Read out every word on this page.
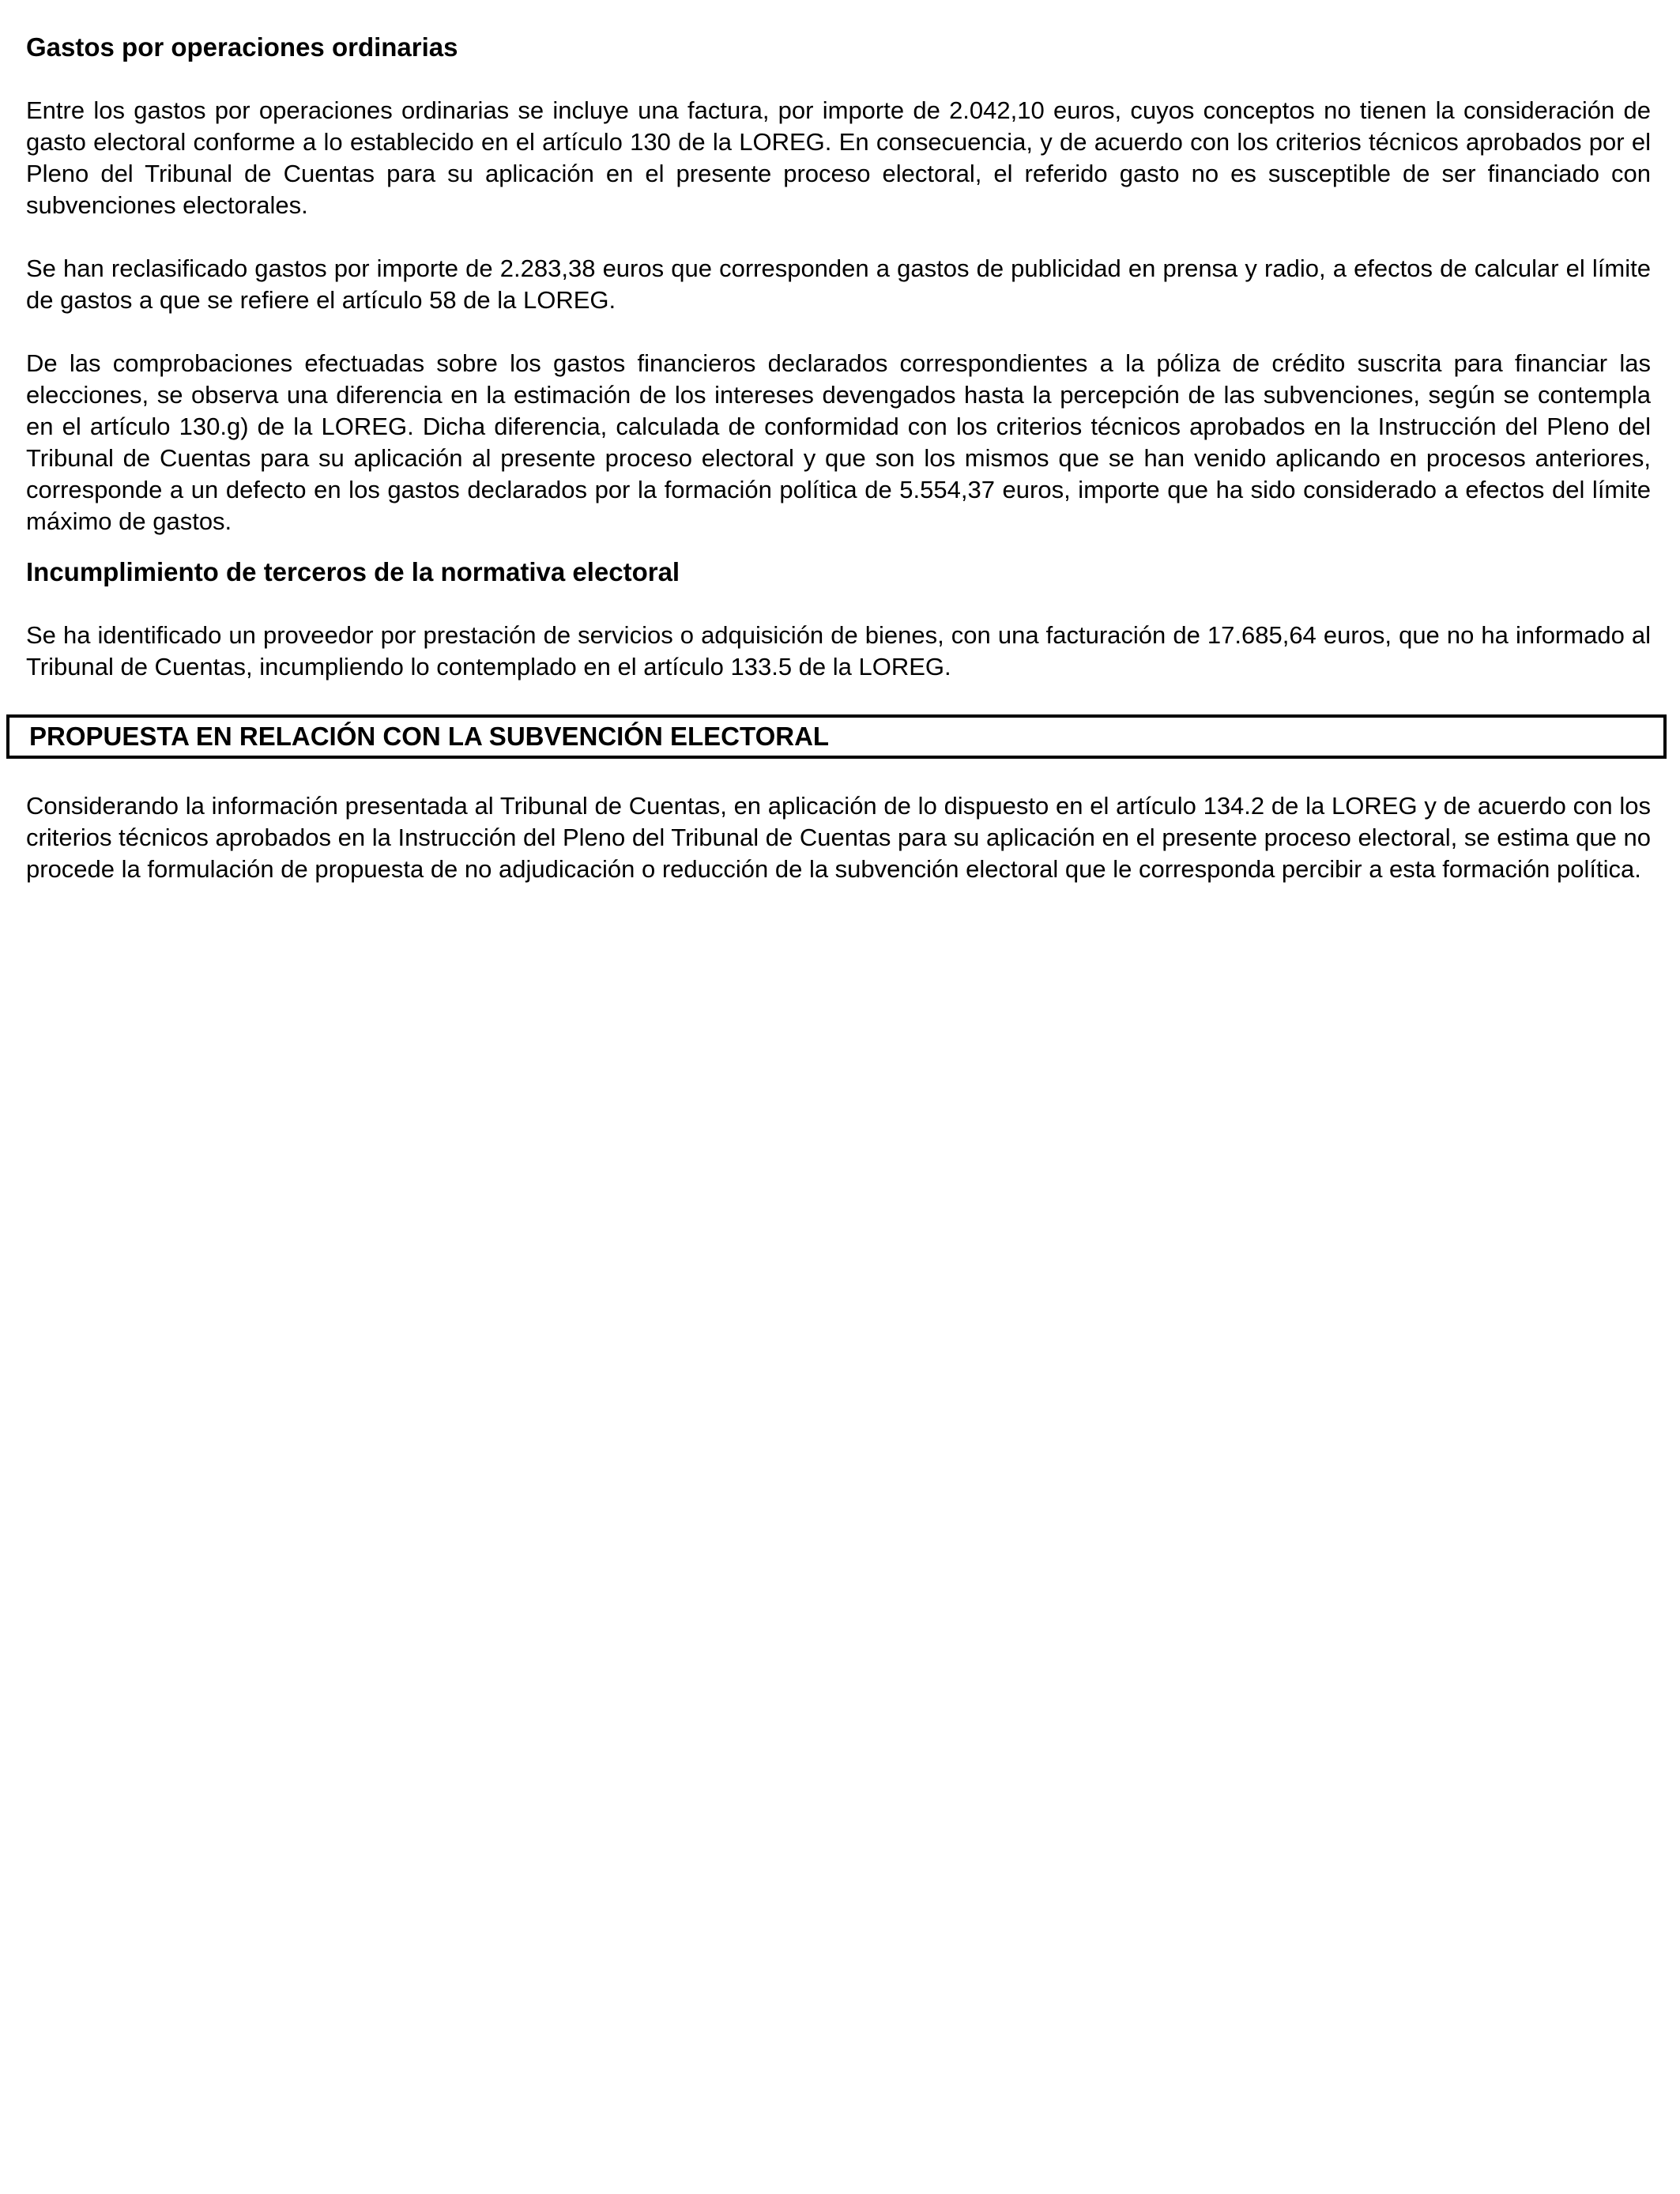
Gastos por operaciones ordinarias

Entre los gastos por operaciones ordinarias se incluye una factura, por importe de 2.042,10 euros, cuyos conceptos no tienen la consideración de gasto electoral conforme a lo establecido en el artículo 130 de la LOREG. En consecuencia, y de acuerdo con los criterios técnicos aprobados por el Pleno del Tribunal de Cuentas para su aplicación en el presente proceso electoral, el referido gasto no es susceptible de ser financiado con subvenciones electorales.

Se han reclasificado gastos por importe de 2.283,38 euros que corresponden a gastos de publicidad en prensa y radio, a efectos de calcular el límite de gastos a que se refiere el artículo 58 de la LOREG.

De las comprobaciones efectuadas sobre los gastos financieros declarados correspondientes a la póliza de crédito suscrita para financiar las elecciones, se observa una diferencia en la estimación de los intereses devengados hasta la percepción de las subvenciones, según se contempla en el artículo 130.g) de la LOREG. Dicha diferencia, calculada de conformidad con los criterios técnicos aprobados en la Instrucción del Pleno del Tribunal de Cuentas para su aplicación al presente proceso electoral y que son los mismos que se han venido aplicando en procesos anteriores, corresponde a un defecto en los gastos declarados por la formación política de 5.554,37 euros, importe que ha sido considerado a efectos del límite máximo de gastos.

Incumplimiento de terceros de la normativa electoral

Se ha identificado un proveedor por prestación de servicios o adquisición de bienes, con una facturación de 17.685,64 euros, que no ha informado al Tribunal de Cuentas, incumpliendo lo contemplado en el artículo 133.5 de la LOREG.

PROPUESTA EN RELACIÓN CON LA SUBVENCIÓN ELECTORAL

Considerando la información presentada al Tribunal de Cuentas, en aplicación de lo dispuesto en el artículo 134.2 de la LOREG y de acuerdo con los criterios técnicos aprobados en la Instrucción del Pleno del Tribunal de Cuentas para su aplicación en el presente proceso electoral, se estima que no procede la formulación de propuesta de no adjudicación o reducción de la subvención electoral que le corresponda percibir a esta formación política.
